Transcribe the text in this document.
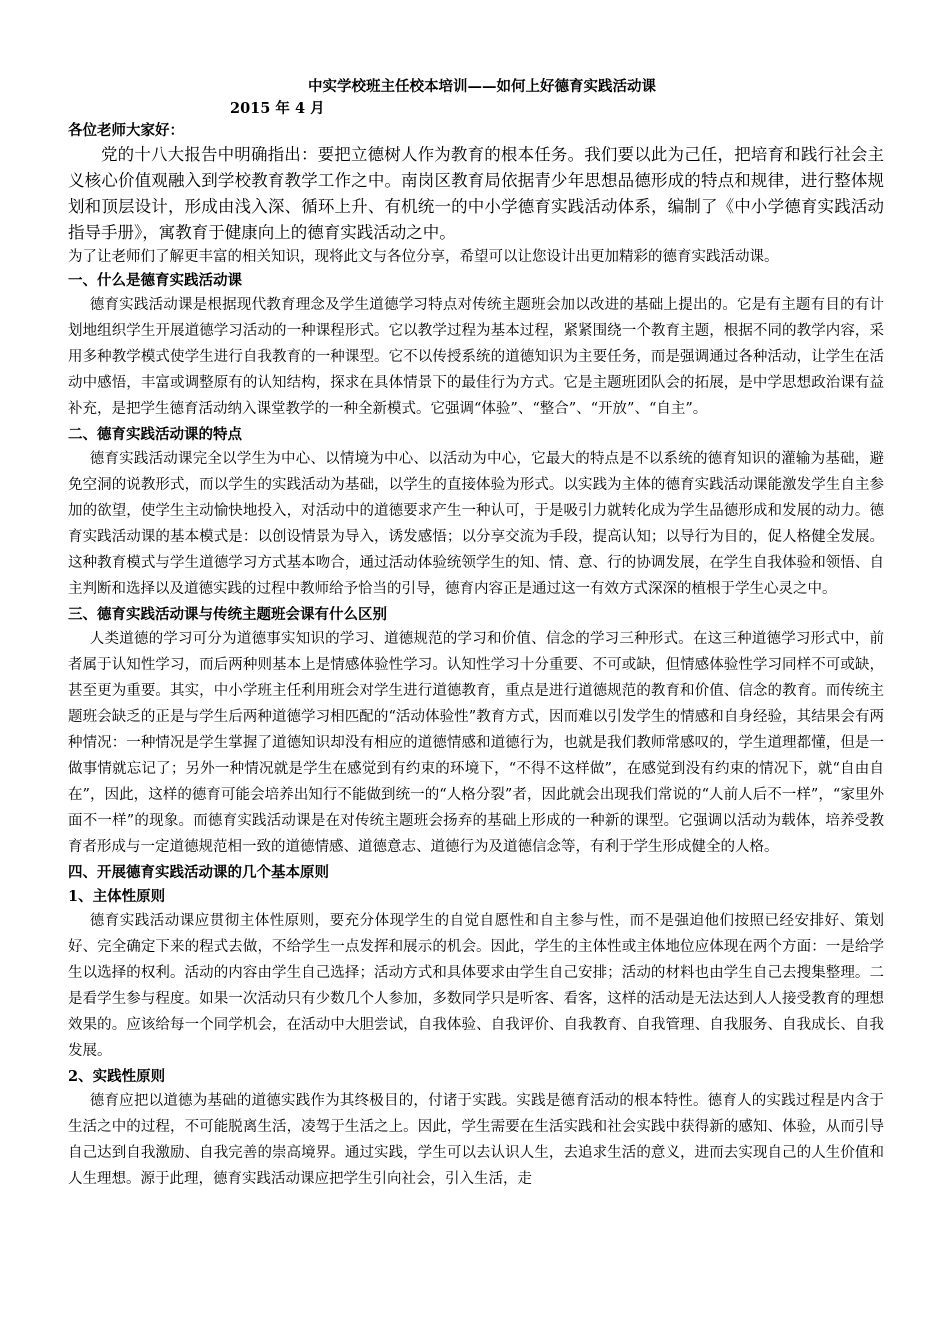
中实学校班主任校本培训——如何上好德育实践活动课

2015 年 4 月

各位老师大家好：

党的十八大报告中明确指出：要把立德树人作为教育的根本任务。我们要以此为己任，把培育和践行社会主义核心价值观融入到学校教育教学工作之中。南岗区教育局依据青少年思想品德形成的特点和规律，进行整体规划和顶层设计，形成由浅入深、循环上升、有机统一的中小学德育实践活动体系，编制了《中小学德育实践活动指导手册》，寓教育于健康向上的德育实践活动之中。

为了让老师们了解更丰富的相关知识，现将此文与各位分享，希望可以让您设计出更加精彩的德育实践活动课。

一、什么是德育实践活动课

德育实践活动课是根据现代教育理念及学生道德学习特点对传统主题班会加以改进的基础上提出的。它是有主题有目的有计划地组织学生开展道德学习活动的一种课程形式。它以教学过程为基本过程，紧紧围绕一个教育主题，根据不同的教学内容，采用多种教学模式使学生进行自我教育的一种课型。它不以传授系统的道德知识为主要任务，而是强调通过各种活动，让学生在活动中感悟，丰富或调整原有的认知结构，探求在具体情景下的最佳行为方式。它是主题班团队会的拓展，是中学思想政治课有益补充，是把学生德育活动纳入课堂教学的一种全新模式。它强调“体验”、“整合”、“开放”、“自主”。

二、德育实践活动课的特点

德育实践活动课完全以学生为中心、以情境为中心、以活动为中心，它最大的特点是不以系统的德育知识的灌输为基础，避免空洞的说教形式，而以学生的实践活动为基础，以学生的直接体验为形式。以实践为主体的德育实践活动课能激发学生自主参加的欲望，使学生主动愉快地投入，对活动中的道德要求产生一种认可，于是吸引力就转化成为学生品德形成和发展的动力。德育实践活动课的基本模式是：以创设情景为导入，诱发感悟；以分享交流为手段，提高认知；以导行为目的，促人格健全发展。这种教育模式与学生道德学习方式基本吻合，通过活动体验统领学生的知、情、意、行的协调发展，在学生自我体验和领悟、自主判断和选择以及道德实践的过程中教师给予恰当的引导，德育内容正是通过这一有效方式深深的植根于学生心灵之中。

三、德育实践活动课与传统主题班会课有什么区别

人类道德的学习可分为道德事实知识的学习、道德规范的学习和价值、信念的学习三种形式。在这三种道德学习形式中，前者属于认知性学习，而后两种则基本上是情感体验性学习。认知性学习十分重要、不可或缺，但情感体验性学习同样不可或缺，甚至更为重要。其实，中小学班主任利用班会对学生进行道德教育，重点是进行道德规范的教育和价值、信念的教育。而传统主题班会缺乏的正是与学生后两种道德学习相匹配的“活动体验性”教育方式，因而难以引发学生的情感和自身经验，其结果会有两种情况：一种情况是学生掌握了道德知识却没有相应的道德情感和道德行为，也就是我们教师常感叹的，学生道理都懂，但是一做事情就忘记了；另外一种情况就是学生在感觉到有约束的环境下，“不得不这样做”，在感觉到没有约束的情况下，就“自由自在”，因此，这样的德育可能会培养出知行不能做到统一的“人格分裂”者，因此就会出现我们常说的“人前人后不一样”，“家里外面不一样”的现象。而德育实践活动课是在对传统主题班会扬弃的基础上形成的一种新的课型。它强调以活动为载体，培养受教育者形成与一定道德规范相一致的道德情感、道德意志、道德行为及道德信念等，有利于学生形成健全的人格。

四、开展德育实践活动课的几个基本原则

1、主体性原则

德育实践活动课应贯彻主体性原则，要充分体现学生的自觉自愿性和自主参与性，而不是强迫他们按照已经安排好、策划好、完全确定下来的程式去做，不给学生一点发挥和展示的机会。因此，学生的主体性或主体地位应体现在两个方面：一是给学生以选择的权利。活动的内容由学生自己选择；活动方式和具体要求由学生自己安排；活动的材料也由学生自己去搜集整理。二是看学生参与程度。如果一次活动只有少数几个人参加，多数同学只是听客、看客，这样的活动是无法达到人人接受教育的理想效果的。应该给每一个同学机会，在活动中大胆尝试，自我体验、自我评价、自我教育、自我管理、自我服务、自我成长、自我发展。

2、实践性原则

德育应把以道德为基础的道德实践作为其终极目的，付诸于实践。实践是德育活动的根本特性。德育人的实践过程是内含于生活之中的过程，不可能脱离生活，凌驾于生活之上。因此，学生需要在生活实践和社会实践中获得新的感知、体验，从而引导自己达到自我激励、自我完善的崇高境界。通过实践，学生可以去认识人生，去追求生活的意义，进而去实现自己的人生价值和人生理想。源于此理，德育实践活动课应把学生引向社会，引入生活，走
